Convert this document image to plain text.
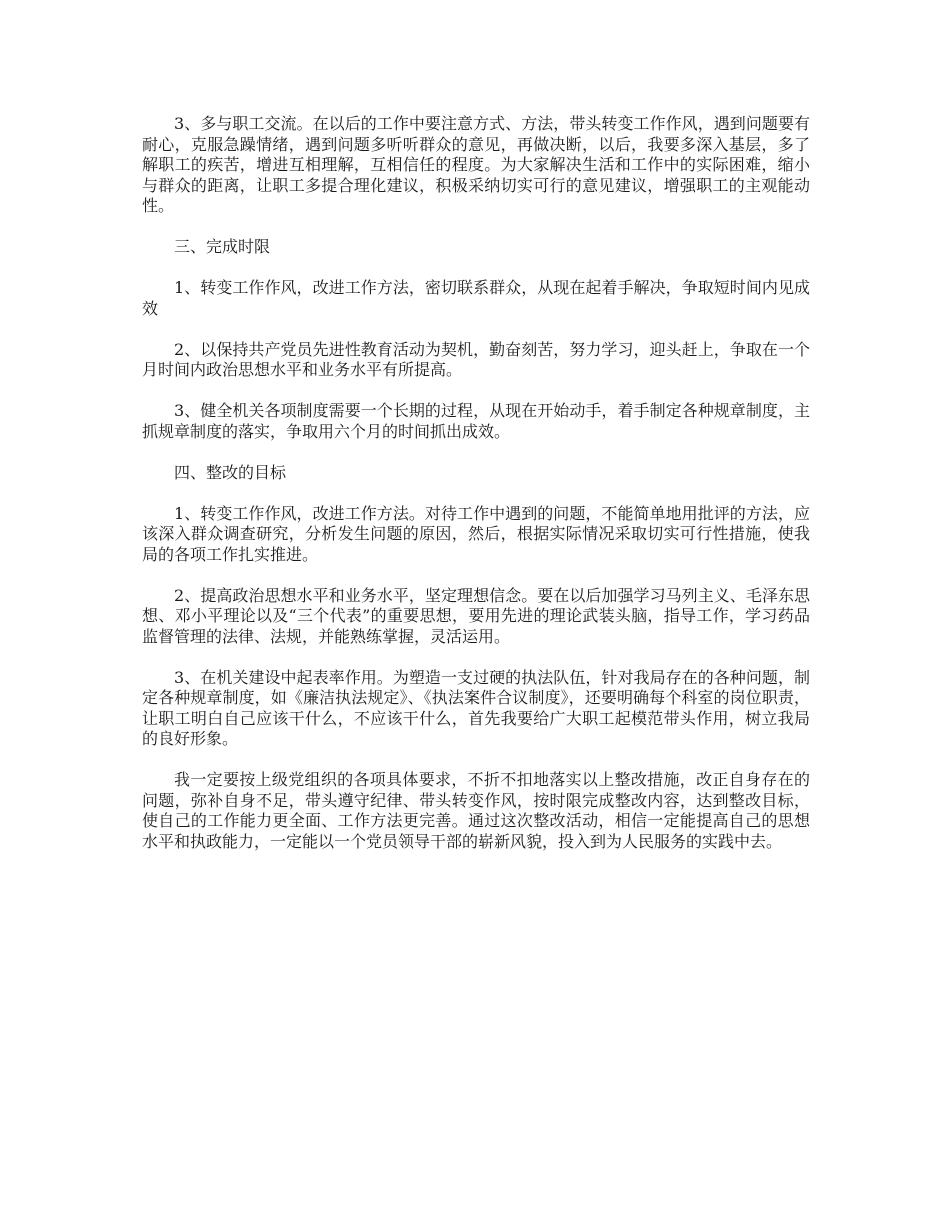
3、多与职工交流。在以后的工作中要注意方式、方法，带头转变工作作风，遇到问题要有耐心，克服急躁情绪，遇到问题多听听群众的意见，再做决断，以后，我要多深入基层，多了解职工的疾苦，增进互相理解，互相信任的程度。为大家解决生活和工作中的实际困难，缩小与群众的距离，让职工多提合理化建议，积极采纳切实可行的意见建议，增强职工的主观能动性。

三、完成时限

1、转变工作作风，改进工作方法，密切联系群众，从现在起着手解决，争取短时间内见成效

2、以保持共产党员先进性教育活动为契机，勤奋刻苦，努力学习，迎头赶上，争取在一个月时间内政治思想水平和业务水平有所提高。

3、健全机关各项制度需要一个长期的过程，从现在开始动手，着手制定各种规章制度，主抓规章制度的落实，争取用六个月的时间抓出成效。

四、整改的目标

1、转变工作作风，改进工作方法。对待工作中遇到的问题，不能简单地用批评的方法，应该深入群众调查研究，分析发生问题的原因，然后，根据实际情况采取切实可行性措施，使我局的各项工作扎实推进。

2、提高政治思想水平和业务水平，坚定理想信念。要在以后加强学习马列主义、毛泽东思想、邓小平理论以及“三个代表”的重要思想，要用先进的理论武装头脑，指导工作，学习药品监督管理的法律、法规，并能熟练掌握，灵活运用。

3、在机关建设中起表率作用。为塑造一支过硬的执法队伍，针对我局存在的各种问题，制定各种规章制度，如《廉洁执法规定》、《执法案件合议制度》，还要明确每个科室的岗位职责，让职工明白自己应该干什么，不应该干什么，首先我要给广大职工起模范带头作用，树立我局的良好形象。

我一定要按上级党组织的各项具体要求，不折不扣地落实以上整改措施，改正自身存在的问题，弥补自身不足，带头遵守纪律、带头转变作风，按时限完成整改内容，达到整改目标，使自己的工作能力更全面、工作方法更完善。通过这次整改活动，相信一定能提高自己的思想水平和执政能力，一定能以一个党员领导干部的崭新风貌，投入到为人民服务的实践中去。
